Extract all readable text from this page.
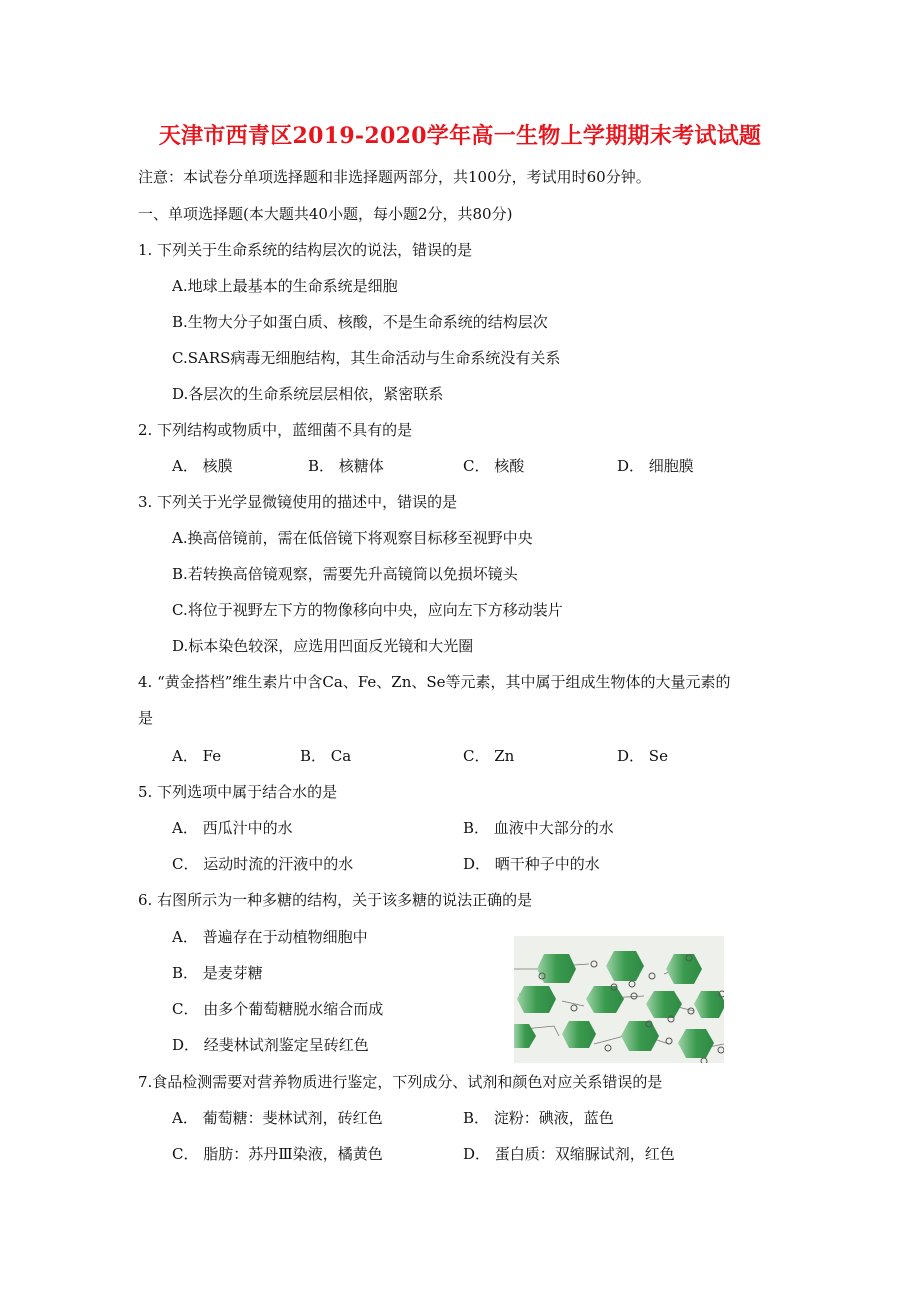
天津市西青区2019-2020学年高一生物上学期期末考试试题
注意：本试卷分单项选择题和非选择题两部分，共100分，考试用时60分钟。
一、单项选择题(本大题共40小题，每小题2分，共80分)
1. 下列关于生命系统的结构层次的说法，错误的是
A.地球上最基本的生命系统是细胞
B.生物大分子如蛋白质、核酸，不是生命系统的结构层次
C.SARS病毒无细胞结构，其生命活动与生命系统没有关系
D.各层次的生命系统层层相依，紧密联系
2. 下列结构或物质中，蓝细菌不具有的是
A． 核膜	B． 核糖体	C． 核酸	D． 细胞膜
3. 下列关于光学显微镜使用的描述中，错误的是
A.换高倍镜前，需在低倍镜下将观察目标移至视野中央
B.若转换高倍镜观察，需要先升高镜筒以免损坏镜头
C.将位于视野左下方的物像移向中央，应向左下方移动装片
D.标本染色较深，应选用凹面反光镜和大光圈
4. “黄金搭档”维生素片中含Ca、Fe、Zn、Se等元素，其中属于组成生物体的大量元素的
是
A． Fe	B． Ca	C． Zn	D． Se
5. 下列选项中属于结合水的是
A． 西瓜汁中的水	B． 血液中大部分的水
C． 运动时流的汗液中的水	D． 晒干种子中的水
6. 右图所示为一种多糖的结构，关于该多糖的说法正确的是
A． 普遍存在于动植物细胞中
B． 是麦芽糖
C． 由多个葡萄糖脱水缩合而成
D． 经斐林试剂鉴定呈砖红色
7.食品检测需要对营养物质进行鉴定，下列成分、试剂和颜色对应关系错误的是
A． 葡萄糖：斐林试剂，砖红色	B． 淀粉：碘液，蓝色
C． 脂肪：苏丹Ⅲ染液，橘黄色	D． 蛋白质：双缩脲试剂，红色
